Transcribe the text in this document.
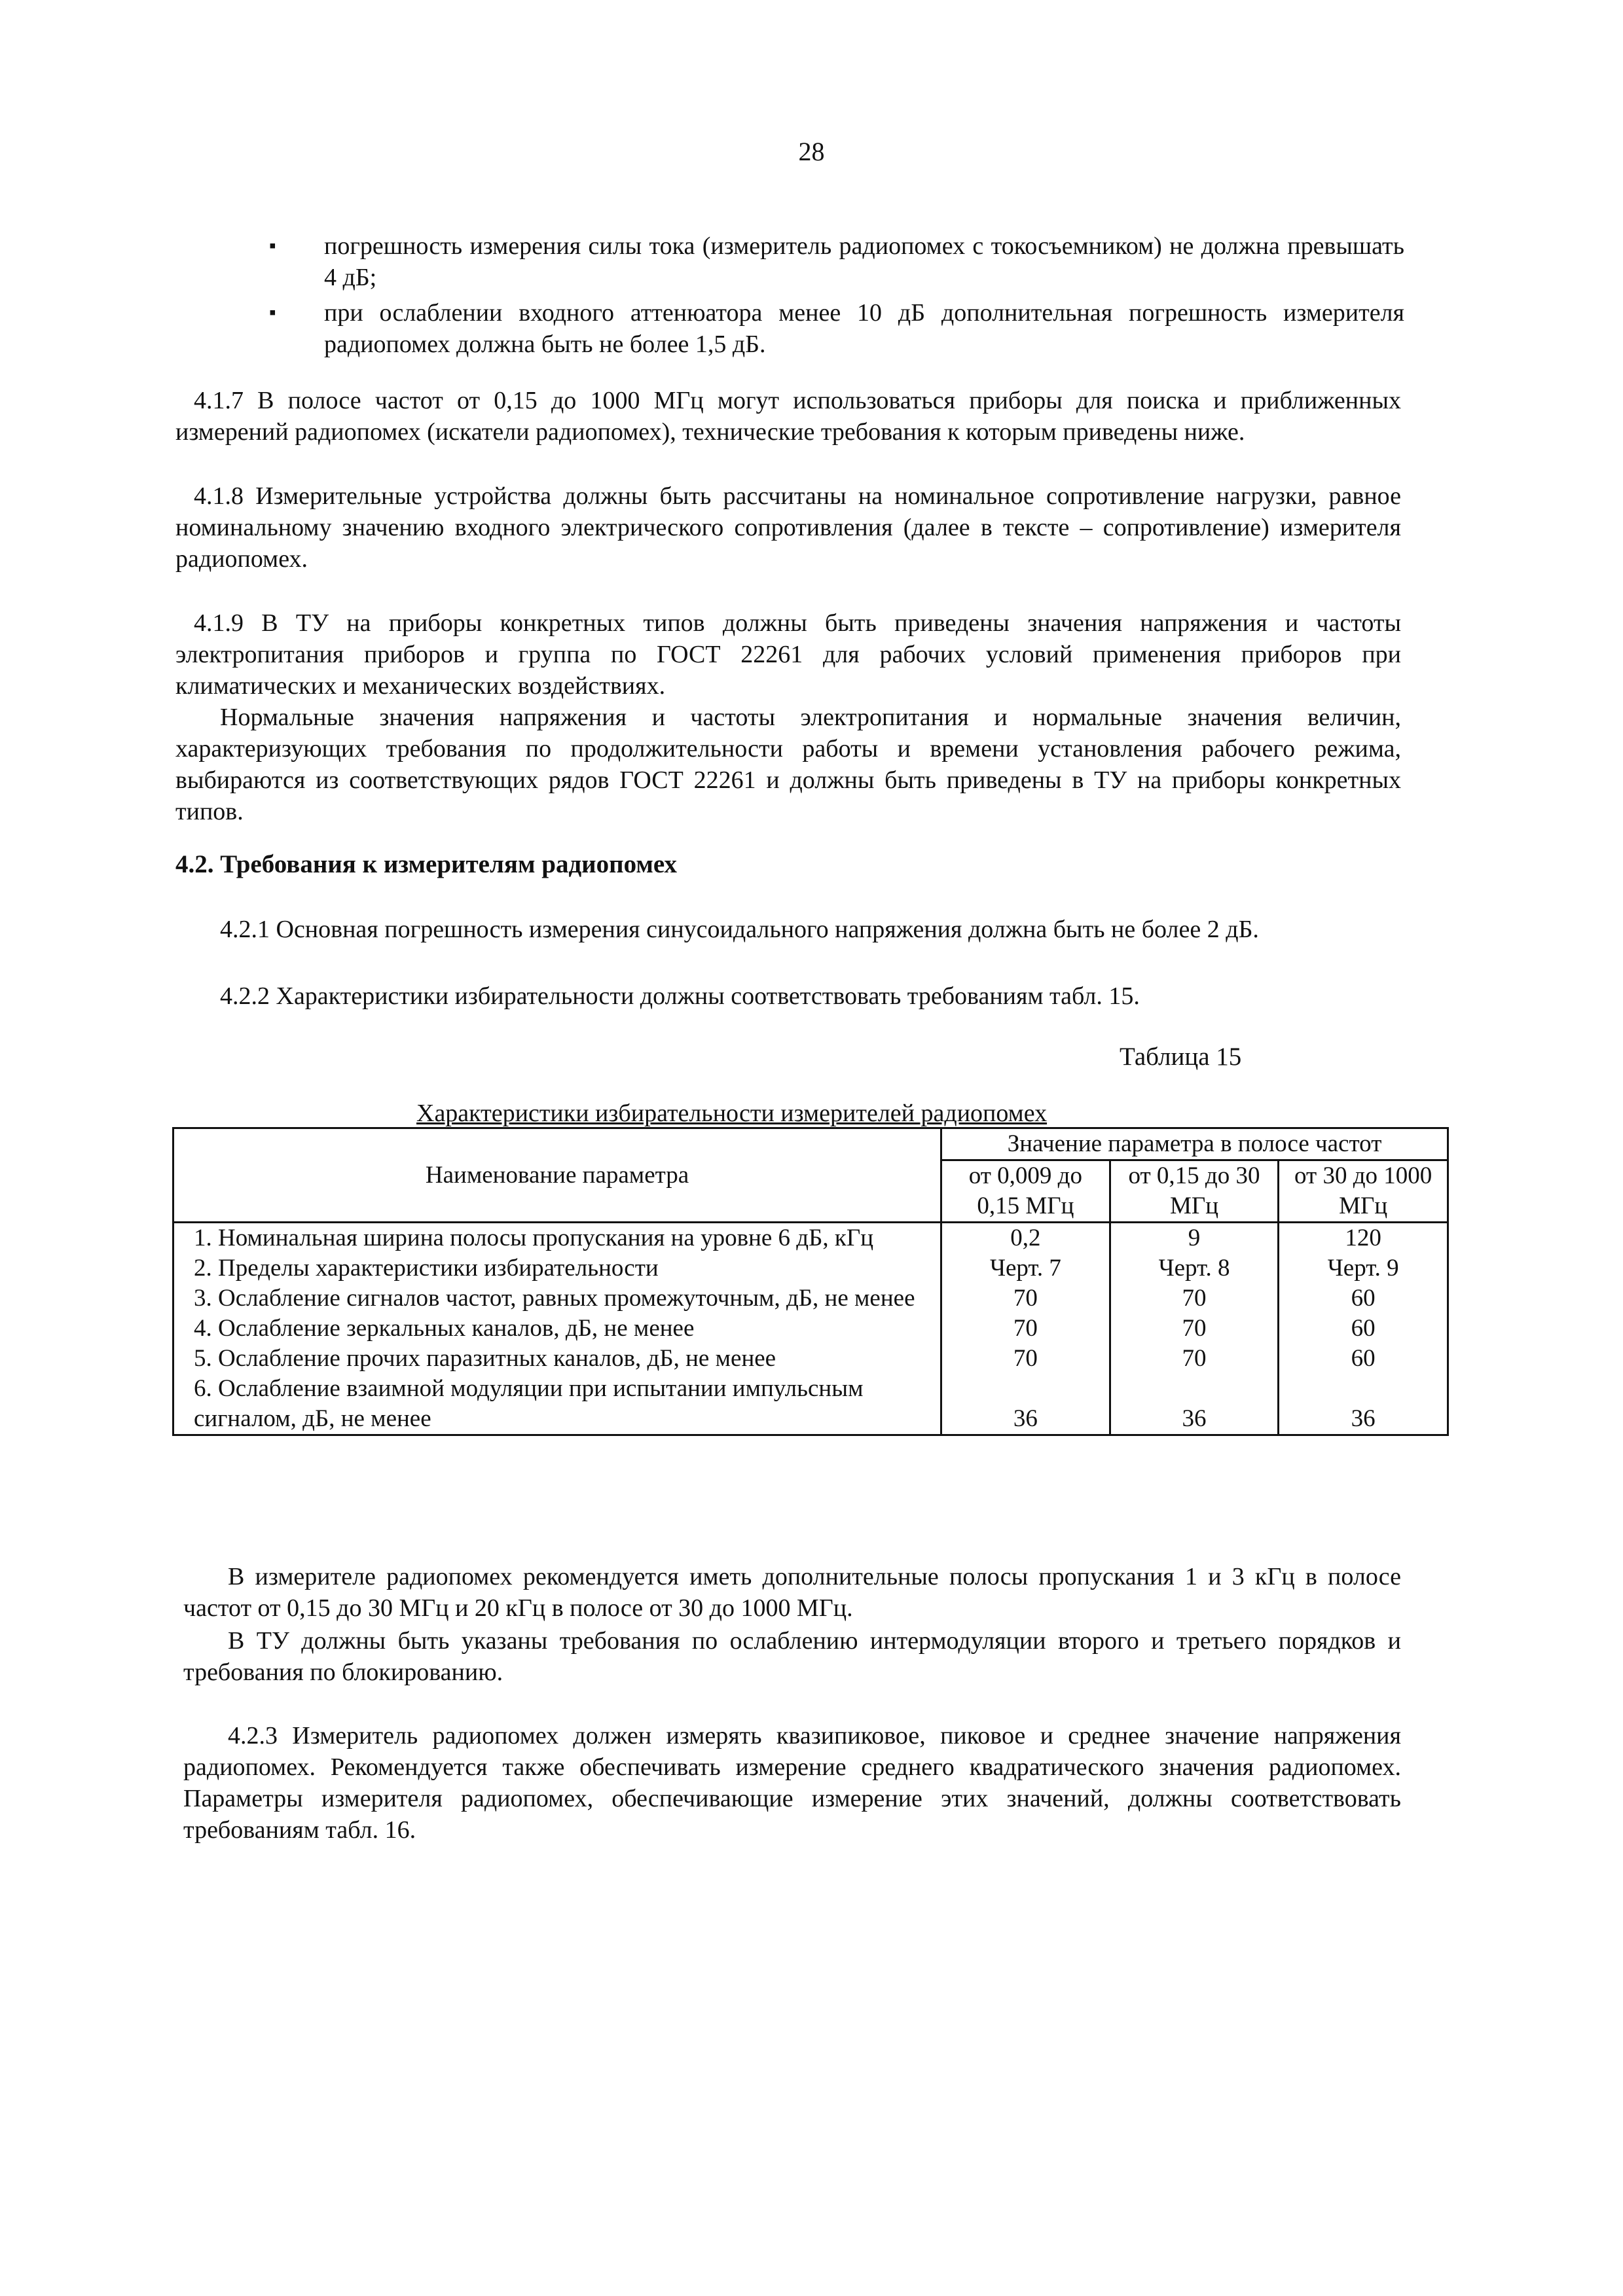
28
▪ погрешность измерения силы тока (измеритель радиопомех с токосъемником) не должна превышать 4 дБ;
▪ при ослаблении входного аттенюатора менее 10 дБ дополнительная погрешность измерителя радиопомех должна быть не более 1,5 дБ.

4.1.7 В полосе частот от 0,15 до 1000 МГц могут использоваться приборы для поиска и приближенных измерений радиопомех (искатели радиопомех), технические требования к которым приведены ниже.

4.1.8 Измерительные устройства должны быть рассчитаны на номинальное сопротивление нагрузки, равное номинальному значению входного электрического сопротивления (далее в тексте – сопротивление) измерителя радиопомех.

4.1.9 В ТУ на приборы конкретных типов должны быть приведены значения напряжения и частоты электропитания приборов и группа по ГОСТ 22261 для рабочих условий применения приборов при климатических и механических воздействиях.

Нормальные значения напряжения и частоты электропитания и нормальные значения величин, характеризующих требования по продолжительности работы и времени установления рабочего режима, выбираются из соответствующих рядов ГОСТ 22261 и должны быть приведены в ТУ на приборы конкретных типов.

4.2. Требования к измерителям радиопомех

4.2.1 Основная погрешность измерения синусоидального напряжения должна быть не более 2 дБ.

4.2.2 Характеристики избирательности должны соответствовать требованиям табл. 15.

Таблица 15
Характеристики избирательности измерителей радиопомех
Наименование параметра	Значение параметра в полосе частот		
	от 0,009 до 0,15 МГц	от 0,15 до 30 МГц	от 30 до 1000 МГц
1. Номинальная ширина полосы пропускания на уровне 6 дБ, кГц	0,2	9	120
2. Пределы характеристики избирательности	Черт. 7	Черт. 8	Черт. 9
3. Ослабление сигналов частот, равных промежуточным, дБ, не менее	70	70	60
4. Ослабление зеркальных каналов, дБ, не менее	70	70	60
5. Ослабление прочих паразитных каналов, дБ, не менее	70	70	60
6. Ослабление взаимной модуляции при испытании импульсным сигналом, дБ, не менее	36	36	36

В измерителе радиопомех рекомендуется иметь дополнительные полосы пропускания 1 и 3 кГц в полосе частот от 0,15 до 30 МГц и 20 кГц в полосе от 30 до 1000 МГц.

В ТУ должны быть указаны требования по ослаблению интермодуляции второго и третьего порядков и требования по блокированию.

4.2.3 Измеритель радиопомех должен измерять квазипиковое, пиковое и среднее значение напряжения радиопомех. Рекомендуется также обеспечивать измерение среднего квадратического значения радиопомех. Параметры измерителя радиопомех, обеспечивающие измерение этих значений, должны соответствовать требованиям табл. 16.
